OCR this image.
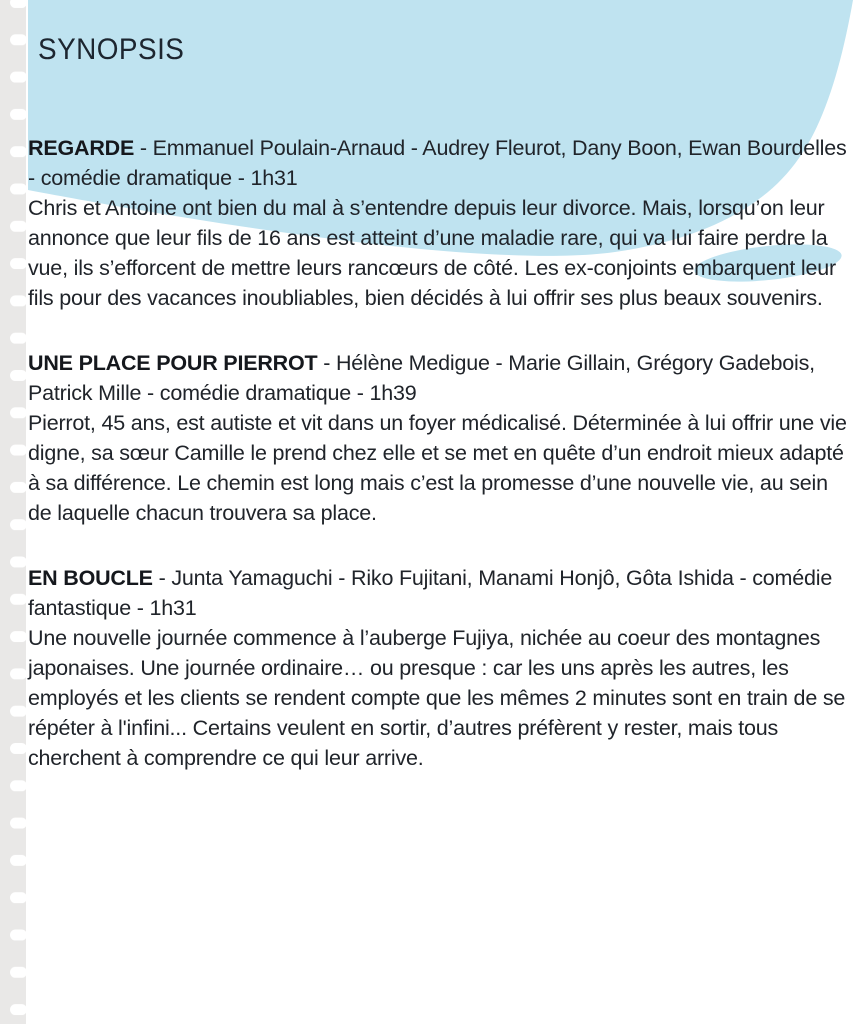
SYNOPSIS

REGARDE - Emmanuel Poulain-Arnaud - Audrey Fleurot, Dany Boon, Ewan Bourdelles - comédie dramatique - 1h31

Chris et Antoine ont bien du mal à s’entendre depuis leur divorce. Mais, lorsqu’on leur annonce que leur fils de 16 ans est atteint d’une maladie rare, qui va lui faire perdre la vue, ils s’efforcent de mettre leurs rancœurs de côté. Les ex-conjoints embarquent leur fils pour des vacances inoubliables, bien décidés à lui offrir ses plus beaux souvenirs.

UNE PLACE POUR PIERROT - Hélène Medigue - Marie Gillain, Grégory Gadebois, Patrick Mille - comédie dramatique - 1h39

Pierrot, 45 ans, est autiste et vit dans un foyer médicalisé. Déterminée à lui offrir une vie digne, sa sœur Camille le prend chez elle et se met en quête d’un endroit mieux adapté à sa différence. Le chemin est long mais c’est la promesse d’une nouvelle vie, au sein de laquelle chacun trouvera sa place.

EN BOUCLE - Junta Yamaguchi - Riko Fujitani, Manami Honjô, Gôta Ishida - comédie fantastique - 1h31

Une nouvelle journée commence à l’auberge Fujiya, nichée au coeur des montagnes japonaises. Une journée ordinaire… ou presque : car les uns après les autres, les employés et les clients se rendent compte que les mêmes 2 minutes sont en train de se répéter à l'infini... Certains veulent en sortir, d’autres préfèrent y rester, mais tous cherchent à comprendre ce qui leur arrive.
